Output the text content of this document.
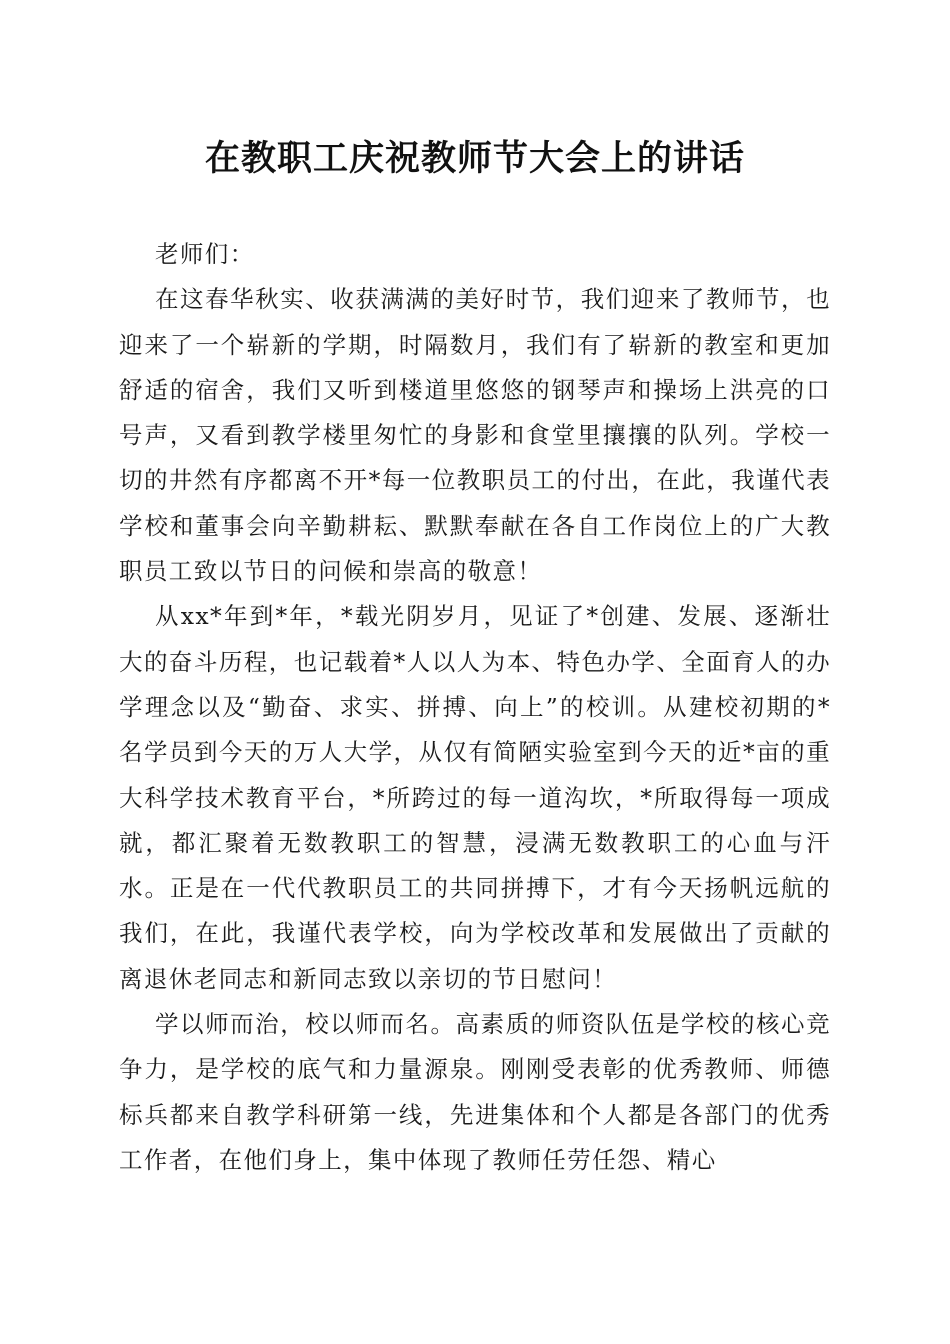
在教职工庆祝教师节大会上的讲话

老师们：

在这春华秋实、收获满满的美好时节，我们迎来了教师节，也迎来了一个崭新的学期，时隔数月，我们有了崭新的教室和更加舒适的宿舍，我们又听到楼道里悠悠的钢琴声和操场上洪亮的口号声，又看到教学楼里匆忙的身影和食堂里攘攘的队列。学校一切的井然有序都离不开*每一位教职员工的付出，在此，我谨代表学校和董事会向辛勤耕耘、默默奉献在各自工作岗位上的广大教职员工致以节日的问候和崇高的敬意！

从xx*年到*年，*载光阴岁月，见证了*创建、发展、逐渐壮大的奋斗历程，也记载着*人以人为本、特色办学、全面育人的办学理念以及“勤奋、求实、拼搏、向上”的校训。从建校初期的*名学员到今天的万人大学，从仅有简陋实验室到今天的近*亩的重大科学技术教育平台，*所跨过的每一道沟坎，*所取得每一项成就，都汇聚着无数教职工的智慧，浸满无数教职工的心血与汗水。正是在一代代教职员工的共同拼搏下，才有今天扬帆远航的我们，在此，我谨代表学校，向为学校改革和发展做出了贡献的离退休老同志和新同志致以亲切的节日慰问！

学以师而治，校以师而名。高素质的师资队伍是学校的核心竞争力，是学校的底气和力量源泉。刚刚受表彰的优秀教师、师德标兵都来自教学科研第一线，先进集体和个人都是各部门的优秀工作者，在他们身上，集中体现了教师任劳任怨、精心
